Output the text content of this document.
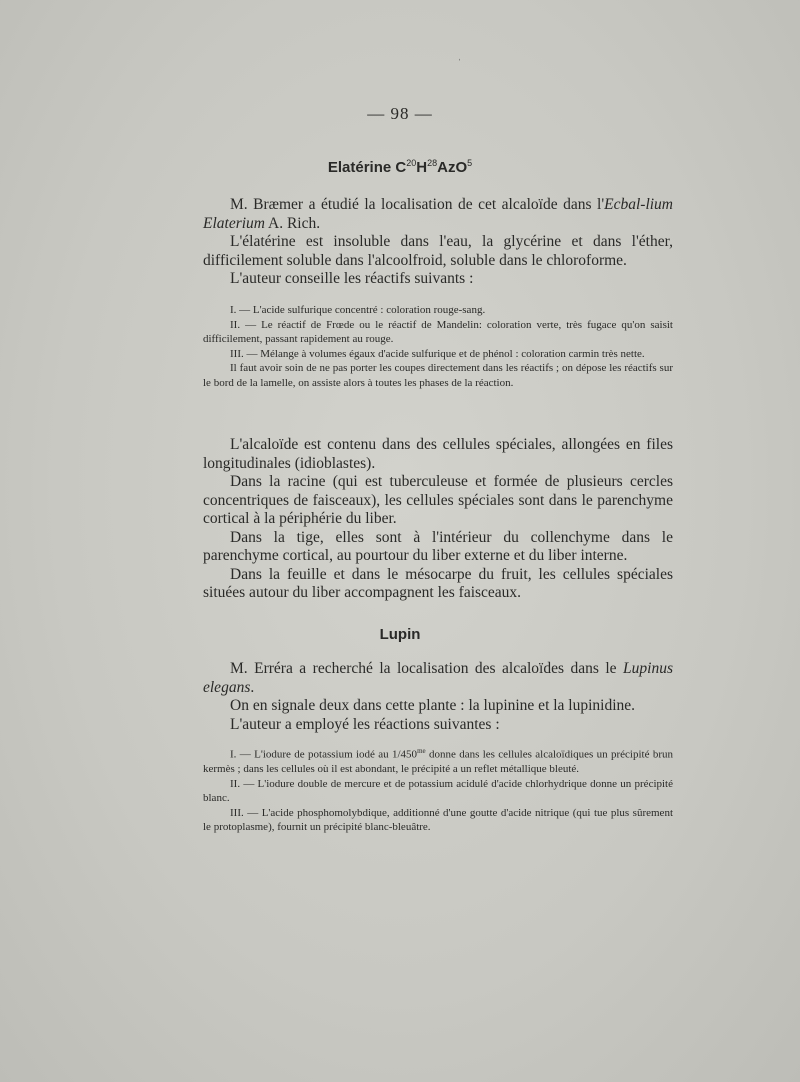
ˈ
— 98 —
Elatérine $C^{20}H^{28}AzO^5$

M. Bræmer a étudié la localisation de cet alcaloïde dans l'Ecbal-lium Elaterium A. Rich.

L'élatérine est insoluble dans l'eau, la glycérine et dans l'éther, difficilement soluble dans l'alcoolfroid, soluble dans le chloroforme.

L'auteur conseille les réactifs suivants :

I. — L'acide sulfurique concentré : coloration rouge-sang.

II. — Le réactif de Frœde ou le réactif de Mandelin: coloration verte, très fugace qu'on saisit difficilement, passant rapidement au rouge.

III. — Mélange à volumes égaux d'acide sulfurique et de phénol : coloration carmin très nette.

Il faut avoir soin de ne pas porter les coupes directement dans les réactifs ; on dépose les réactifs sur le bord de la lamelle, on assiste alors à toutes les phases de la réaction.

L'alcaloïde est contenu dans des cellules spéciales, allongées en files longitudinales (idioblastes).

Dans la racine (qui est tuberculeuse et formée de plusieurs cercles concentriques de faisceaux), les cellules spéciales sont dans le parenchyme cortical à la périphérie du liber.

Dans la tige, elles sont à l'intérieur du collenchyme dans le parenchyme cortical, au pourtour du liber externe et du liber interne.

Dans la feuille et dans le mésocarpe du fruit, les cellules spéciales situées autour du liber accompagnent les faisceaux.

Lupin

M. Erréra a recherché la localisation des alcaloïdes dans le Lupinus elegans.

On en signale deux dans cette plante : la lupinine et la lupinidine.

L'auteur a employé les réactions suivantes :

I. — L'iodure de potassium iodé au $1/450^{me}$ donne dans les cellules alcaloïdiques un précipité brun kermès ; dans les cellules où il est abondant, le précipité a un reflet métallique bleuté.

II. — L'iodure double de mercure et de potassium acidulé d'acide chlorhydrique donne un précipité blanc.

III. — L'acide phosphomolybdique, additionné d'une goutte d'acide nitrique (qui tue plus sûrement le protoplasme), fournit un précipité blanc-bleuâtre.
